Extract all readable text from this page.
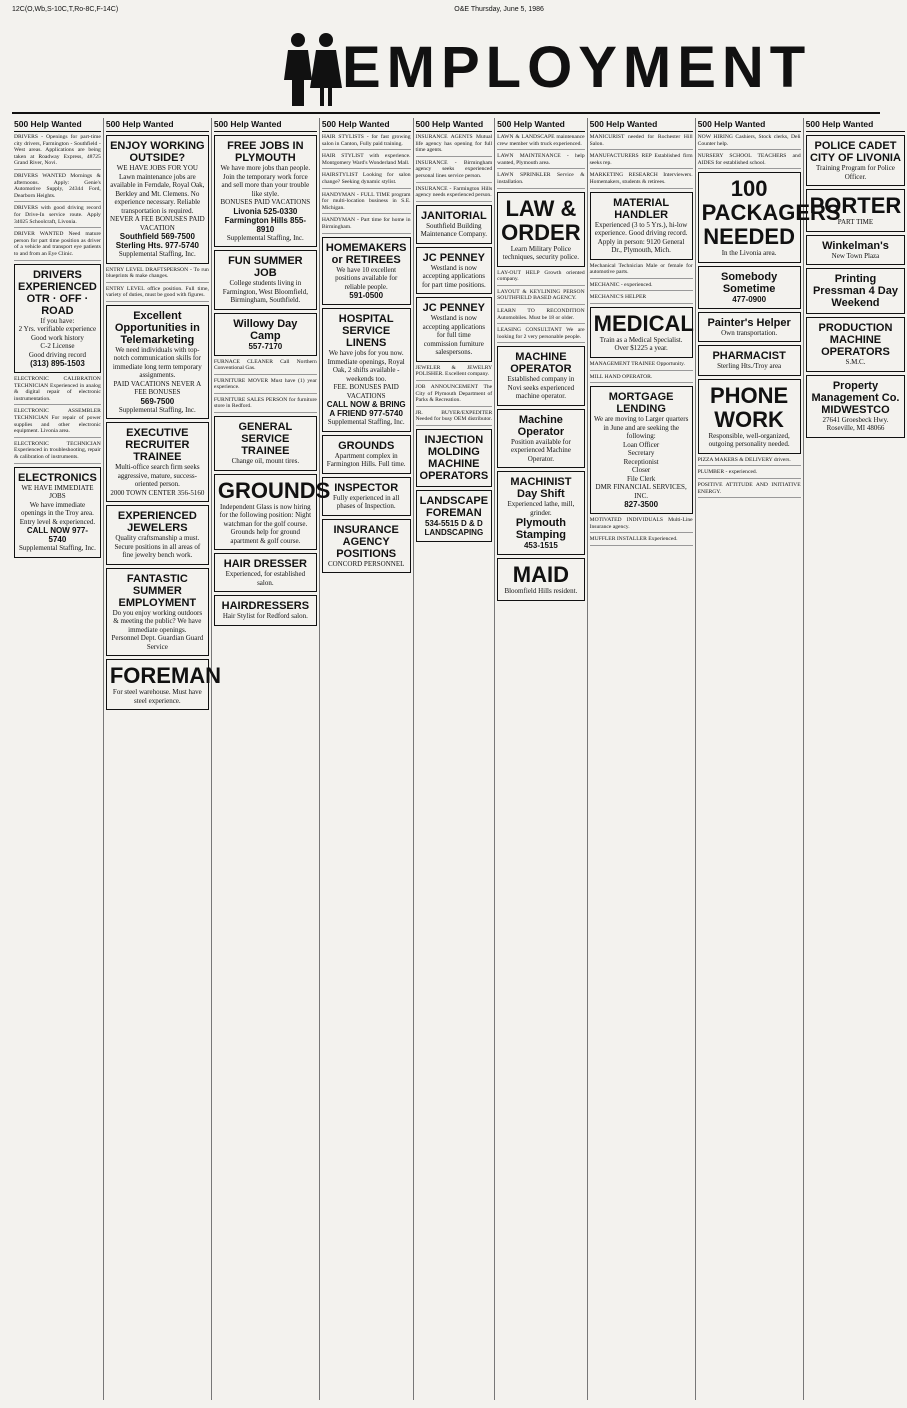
12C(O,Wb,S-10C,T,Ro-8C,F-14C)	O&E Thursday, June 5, 1986
EMPLOYMENT
500 Help Wanted
DRIVERS - Openings for part-time city drivers, Farmington - Southfield - West areas. Applications are being taken at Roadway Express, 48725 Grand River, Novi.
DRIVERS WANTED Mornings & afternoons. Apply: Genie's Automotive Supply, 24344 Ford, Dearborn Heights.
DRIVERS with good driving record for Drive-In service route. Apply 34025 Schoolcraft, Livonia.
DRIVER WANTED Need mature person for part time position as driver of a vehicle and transport eye patients to and from an Eye Clinic.
DRIVERS EXPERIENCED OTR · OFF · ROAD
If you have:
2 Yrs. verifiable experience
Good work history
C-2 License
Good driving record
(313) 895-1503
ELECTRONIC CALIBRATION TECHNICIAN Experienced in analog & digital repair of electronic instrumentation.
ELECTRONIC ASSEMBLER TECHNICIAN For repair of power supplies and other electronic equipment. Livonia area.
ELECTRONIC TECHNICIAN Experienced in troubleshooting, repair & calibration of instruments.
ELECTRONICS
WE HAVE IMMEDIATE JOBS
We have immediate openings in the Troy area. Entry level & experienced.
CALL NOW 977-5740
Supplemental Staffing, Inc.
500 Help Wanted
ENJOY WORKING OUTSIDE?
WE HAVE JOBS FOR YOU
Lawn maintenance jobs are available in Ferndale, Royal Oak, Berkley and Mt. Clemens. No experience necessary. Reliable transportation is required.
NEVER A FEE BONUSES PAID VACATION
Southfield 569-7500
Sterling Hts. 977-5740
Supplemental Staffing, Inc.
ENTRY LEVEL DRAFTSPERSON - To run blueprints & make changes.
ENTRY LEVEL office position. Full time, variety of duties, must be good with figures.
Excellent Opportunities in Telemarketing
We need individuals with top-notch communication skills for immediate long term temporary assignments.
PAID VACATIONS NEVER A FEE BONUSES
569-7500
Supplemental Staffing, Inc.
EXECUTIVE RECRUITER TRAINEE
Multi-office search firm seeks aggressive, mature, success-oriented person.
2000 TOWN CENTER 356-5160
EXPERIENCED JEWELERS
Quality craftsmanship a must. Secure positions in all areas of fine jewelry bench work.
FANTASTIC SUMMER EMPLOYMENT
Do you enjoy working outdoors & meeting the public? We have immediate openings.
Personnel Dept. Guardian Guard Service
FOREMAN
For steel warehouse. Must have steel experience.
500 Help Wanted
FREE JOBS IN PLYMOUTH
We have more jobs than people. Join the temporary work force and sell more than your trouble like style.
BONUSES PAID VACATIONS
Livonia 525-0330
Farmington Hills 855-8910
Supplemental Staffing, Inc.
FUN SUMMER JOB
College students living in Farmington, West Bloomfield, Birmingham, Southfield.
Willowy Day Camp
557-7170
FURNACE CLEANER Call Northern Conventional Gas.
FURNITURE MOVER Must have (1) year experience.
FURNITURE SALES PERSON for furniture store in Redford.
GENERAL SERVICE TRAINEE
Change oil, mount tires.
GROUNDS
Independent Glass is now hiring for the following position: Night watchman for the golf course. Grounds help for ground apartment & golf course.
HAIR DRESSER
Experienced, for established salon.
HAIRDRESSERS
Hair Stylist for Redford salon.
500 Help Wanted
HAIR STYLISTS - for fast growing salon in Canton, Fully paid training.
HAIR STYLIST with experience. Montgomery Ward's Wonderland Mall.
HAIRSTYLIST Looking for salon change? Seeking dynamic stylist.
HANDYMAN - FULL TIME program for multi-location business in S.E. Michigan.
HANDYMAN - Part time for home in Birmingham.
HOMEMAKERS or RETIREES
We have 10 excellent positions available for reliable people.
591-0500
HOSPITAL SERVICE LINENS
We have jobs for you now. Immediate openings, Royal Oak, 2 shifts available - weekends too.
FEE. BONUSES PAID VACATIONS
CALL NOW & BRING A FRIEND 977-5740
Supplemental Staffing, Inc.
GROUNDS
Apartment complex in Farmington Hills. Full time.
INSPECTOR
Fully experienced in all phases of Inspection.
INSURANCE AGENCY POSITIONS
CONCORD PERSONNEL
500 Help Wanted
INSURANCE AGENTS Mutual life agency has opening for full time agents.
INSURANCE - Birmingham agency seeks experienced personal lines service person.
INSURANCE - Farmington Hills agency needs experienced person.
JANITORIAL
Southfield Building Maintenance Company.
JC PENNEY
Westland is now accepting applications for part time positions.
JC PENNEY
Westland is now accepting applications for full time commission furniture salespersons.
JEWELER & JEWELRY POLISHER. Excellent company.
JOB ANNOUNCEMENT The City of Plymouth Department of Parks & Recreation.
JR. BUYER/EXPEDITER Needed for busy OEM distributor.
INJECTION MOLDING MACHINE OPERATORS
LANDSCAPE FOREMAN
534-5515 D & D LANDSCAPING
500 Help Wanted
LAWN & LANDSCAPE maintenance crew member with truck experienced.
LAWN MAINTENANCE - help wanted, Plymouth area.
LAWN SPRINKLER Service & installation.
LAW & ORDER
Learn Military Police techniques, security police.
LAY-OUT HELP Growth oriented company.
LAYOUT & KEYLINING PERSON SOUTHFIELD BASED AGENCY.
LEARN TO RECONDITION Automobiles. Must be 18 or older.
LEASING CONSULTANT We are looking for 2 very personable people.
MACHINE OPERATOR
Established company in Novi seeks experienced machine operator.
Machine Operator
Position available for experienced Machine Operator.
MACHINIST Day Shift
Experienced lathe, mill, grinder.
Plymouth Stamping
453-1515
MAID
Bloomfield Hills resident.
500 Help Wanted
MANICURIST needed for Rochester Hill Salon.
MANUFACTURERS REP Established firm seeks rep.
MARKETING RESEARCH Interviewers. Homemakers, students & retirees.
MATERIAL HANDLER
Experienced (3 to 5 Yrs.), hi-low experience. Good driving record. Apply in person: 9120 General Dr., Plymouth, Mich.
Mechanical Technician Male or female for automotive parts.
MECHANIC - experienced.
MECHANIC'S HELPER
MEDICAL
Train as a Medical Specialist. Over $1225 a year.
MANAGEMENT TRAINEE Opportunity.
MILL HAND OPERATOR.
MORTGAGE LENDING
We are moving to Larger quarters in June and are seeking the following:
Loan Officer
Secretary
Receptionist
Closer
File Clerk
DMR FINANCIAL SERVICES, INC.
827-3500
MOTIVATED INDIVIDUALS Multi-Line Insurance agency.
MUFFLER INSTALLER Experienced.
500 Help Wanted
NOW HIRING Cashiers, Stock clerks, Deli Counter help.
NURSERY SCHOOL TEACHERS and AIDES for established school.
100 PACKAGERS NEEDED
In the Livonia area.
Somebody Sometime
477-0900
Painter's Helper
Own transportation.
PHARMACIST
Sterling Hts./Troy area
PHONE WORK
Responsible, well-organized, outgoing personality needed.
PIZZA MAKERS & DELIVERY drivers.
PLUMBER - experienced.
POSITIVE ATTITUDE AND INITIATIVE ENERGY.
500 Help Wanted
POLICE CADET CITY OF LIVONIA
Training Program for Police Officer.
PORTER
PART TIME
Winkelman's
New Town Plaza
Printing Pressman 4 Day Weekend
PRODUCTION MACHINE OPERATORS
S.M.C.
Property Management Co.
MIDWESTCO
27641 Groesbeck Hwy. Roseville, MI 48066
